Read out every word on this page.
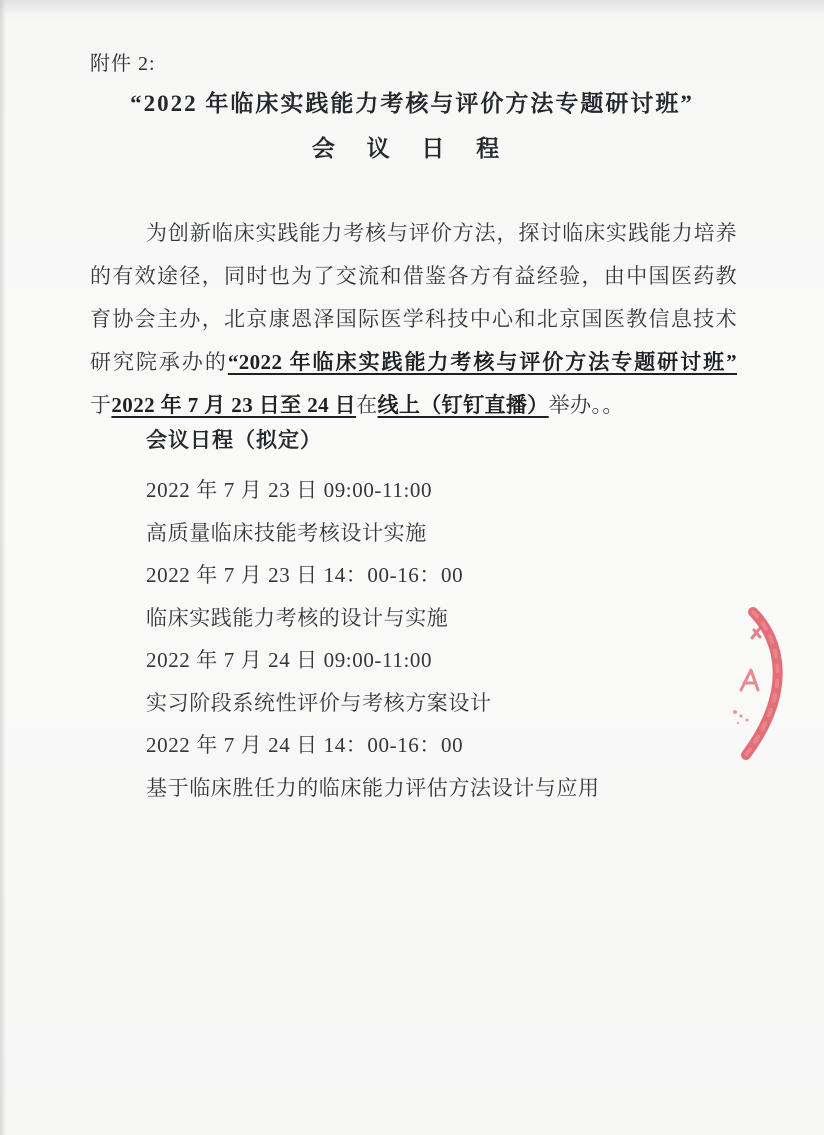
附件 2:
“2022 年临床实践能力考核与评价方法专题研讨班”
会 议 日 程
为创新临床实践能力考核与评价方法，探讨临床实践能力培养
的有效途径，同时也为了交流和借鉴各方有益经验，由中国医药教
育协会主办，北京康恩泽国际医学科技中心和北京国医教信息技术
研究院承办的“2022 年临床实践能力考核与评价方法专题研讨班”
于2022 年 7 月 23 日至 24 日在线上（钉钉直播）举办。。
会议日程（拟定）
2022 年 7 月 23 日 09:00-11:00
高质量临床技能考核设计实施
2022 年 7 月 23 日 14：00-16：00
临床实践能力考核的设计与实施
2022 年 7 月 24 日 09:00-11:00
实习阶段系统性评价与考核方案设计
2022 年 7 月 24 日 14：00-16：00
基于临床胜任力的临床能力评估方法设计与应用
